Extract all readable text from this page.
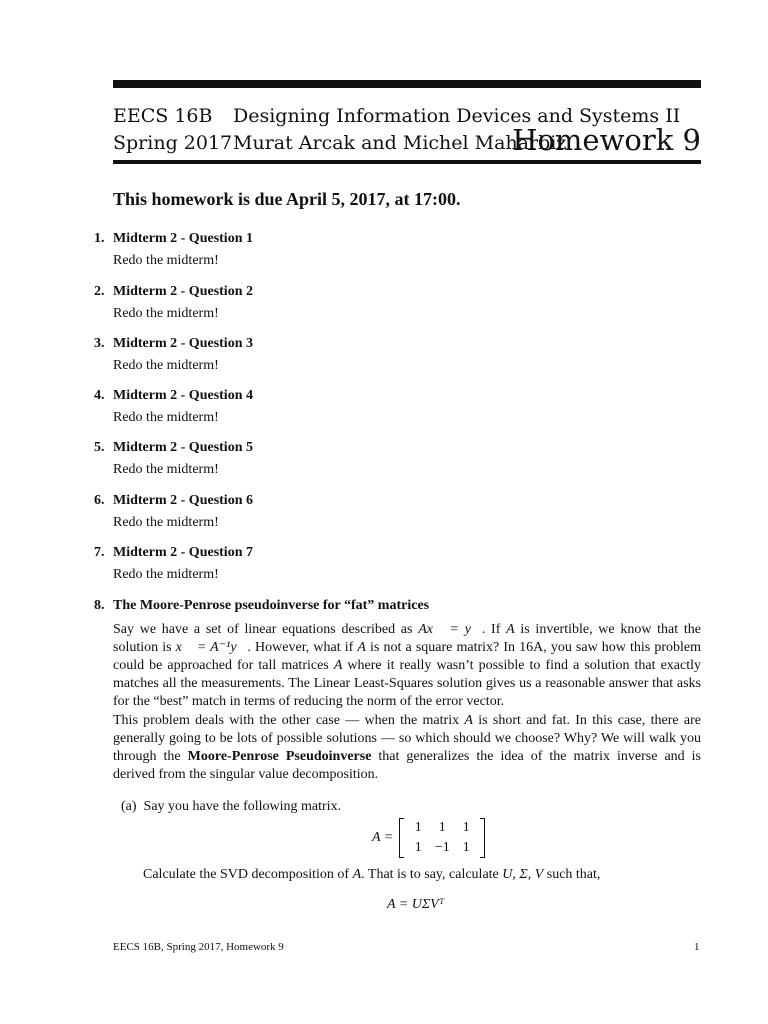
EECS 16B Designing Information Devices and Systems II
Spring 2017 Murat Arcak and Michel Maharbiz
Homework 9
This homework is due April 5, 2017, at 17:00.
1. Midterm 2 - Question 1
Redo the midterm!
2. Midterm 2 - Question 2
Redo the midterm!
3. Midterm 2 - Question 3
Redo the midterm!
4. Midterm 2 - Question 4
Redo the midterm!
5. Midterm 2 - Question 5
Redo the midterm!
6. Midterm 2 - Question 6
Redo the midterm!
7. Midterm 2 - Question 7
Redo the midterm!
8. The Moore-Penrose pseudoinverse for “fat” matrices
Say we have a set of linear equations described as Ax⃗ = y⃗. If A is invertible, we know that the solution is x⃗ = A⁻¹y⃗. However, what if A is not a square matrix? In 16A, you saw how this problem could be approached for tall matrices A where it really wasn’t possible to find a solution that exactly matches all the measurements. The Linear Least-Squares solution gives us a reasonable answer that asks for the “best” match in terms of reducing the norm of the error vector.
This problem deals with the other case — when the matrix A is short and fat. In this case, there are generally going to be lots of possible solutions — so which should we choose? Why? We will walk you through the Moore-Penrose Pseudoinverse that generalizes the idea of the matrix inverse and is derived from the singular value decomposition.
(a) Say you have the following matrix.
A =
1	1	1
1 −1 1
Calculate the SVD decomposition of A. That is to say, calculate U, Σ, V such that,
A = UΣVᵀ
EECS 16B, Spring 2017, Homework 9	1
